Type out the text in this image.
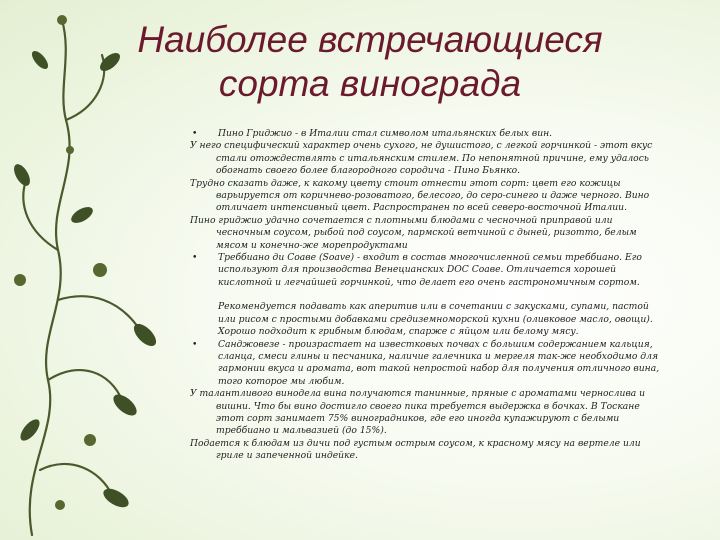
Наиболее встречающиеся
сорта винограда

• Пино Гриджио - в Италии стал символом итальянских белых вин.

У него специфический характер очень сухого, не душистого, с легкой горчинкой - этот вкус стали отождествлять с итальянским стилем. По непонятной причине, ему удалось обогнать своего более благородного сородича - Пино Бьянко.

Трудно сказать даже, к какому цвету стоит отнести этот сорт: цвет его кожицы варьируется от коричнево-розоватого, белесого, до серо-синего и даже черного. Вино отличает интенсивный цвет. Распространен по всей северо-восточной Италии.

Пино гриджио удачно сочетается с плотными блюдами с чесночной приправой или чесночным соусом, рыбой под соусом, пармской ветчиной с дыней, ризотто, белым мясом и конечно-же морепродуктами

• Треббиано ди Соаве (Soave) - входит в состав многочисленной семьи треббиано. Его используют для производства Венецианских DOC Соаве. Отличается хорошей кислотной и легчайшей горчинкой, что делает его очень гастрономичным сортом.

Рекомендуется подавать как аперитив или в сочетании с закусками, супами, пастой или рисом с простыми добавками средиземноморской кухни (оливковое масло, овощи). Хорошо подходит к грибным блюдам, спарже с яйцом или белому мясу.

• Санджовезе - произрастает на известковых почвах с большим содержанием кальция, сланца, смеси глины и песчаника, наличие галечника и мергеля так-же необходимо для гармонии вкуса и аромата, вот такой непростой набор для получения отличного вина, того которое мы любим.

У талантливого винодела вина получаются танинные, пряные с ароматами чернослива и вишни. Что бы вино достигло своего пика требуется выдержка в бочках. В Тоскане этот сорт занимает 75% виноградников, где его иногда купажируют с белыми треббиано и мальвазией (до 15%).

Подается к блюдам из дичи под густым острым соусом, к красному мясу на вертеле или гриле и запеченной индейке.
